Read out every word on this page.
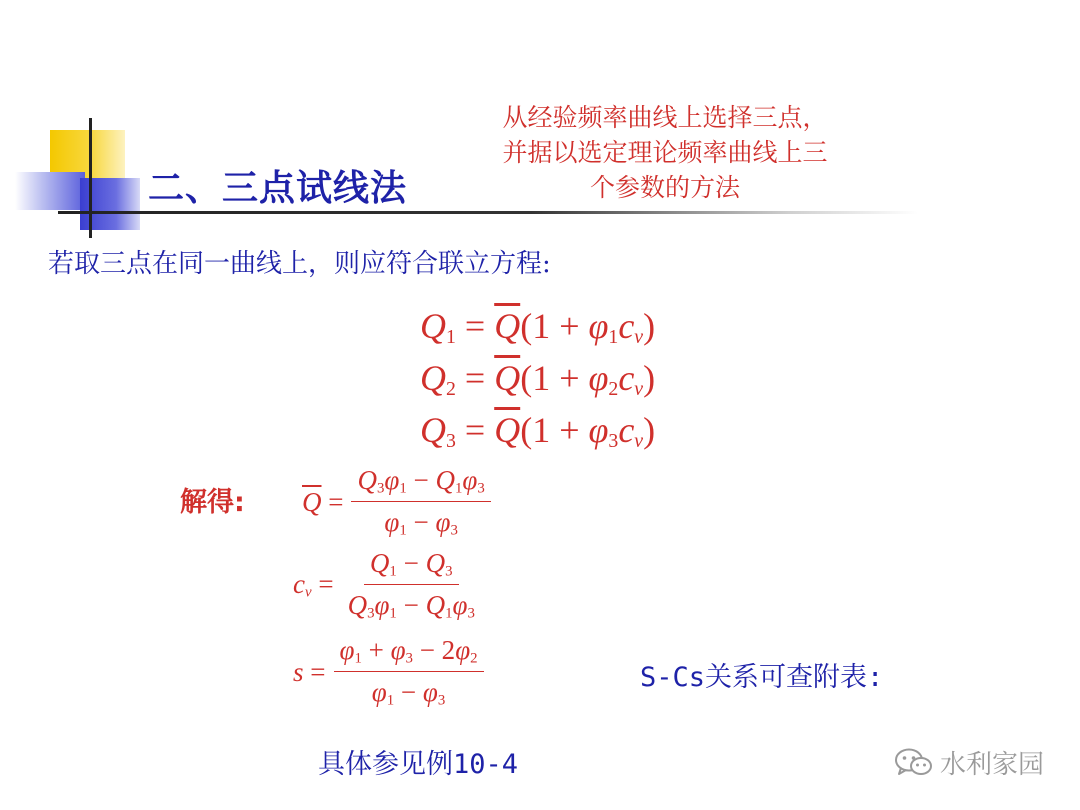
二、三点试线法
从经验频率曲线上选择三点，并据以选定理论频率曲线上三个参数的方法
若取三点在同一曲线上，则应符合联立方程:
$Q_1 = \overline{Q}(1 + \varphi_1c_v)$
$Q_2 = \overline{Q}(1 + \varphi_2c_v)$
$Q_3 = \overline{Q}(1 + \varphi_3c_v)$
解得: $\overline{Q} = \frac{Q_3\varphi_1 - Q_1\varphi_3}{\varphi_1 - \varphi_3}$
$c_v = \frac{Q_1 - Q_3}{Q_3\varphi_1 - Q_1\varphi_3}$
$s = \frac{\varphi_1 + \varphi_3 - 2\varphi_2}{\varphi_1 - \varphi_3}$	S-Cs关系可查附表:
具体参见例10-4	水利家园
